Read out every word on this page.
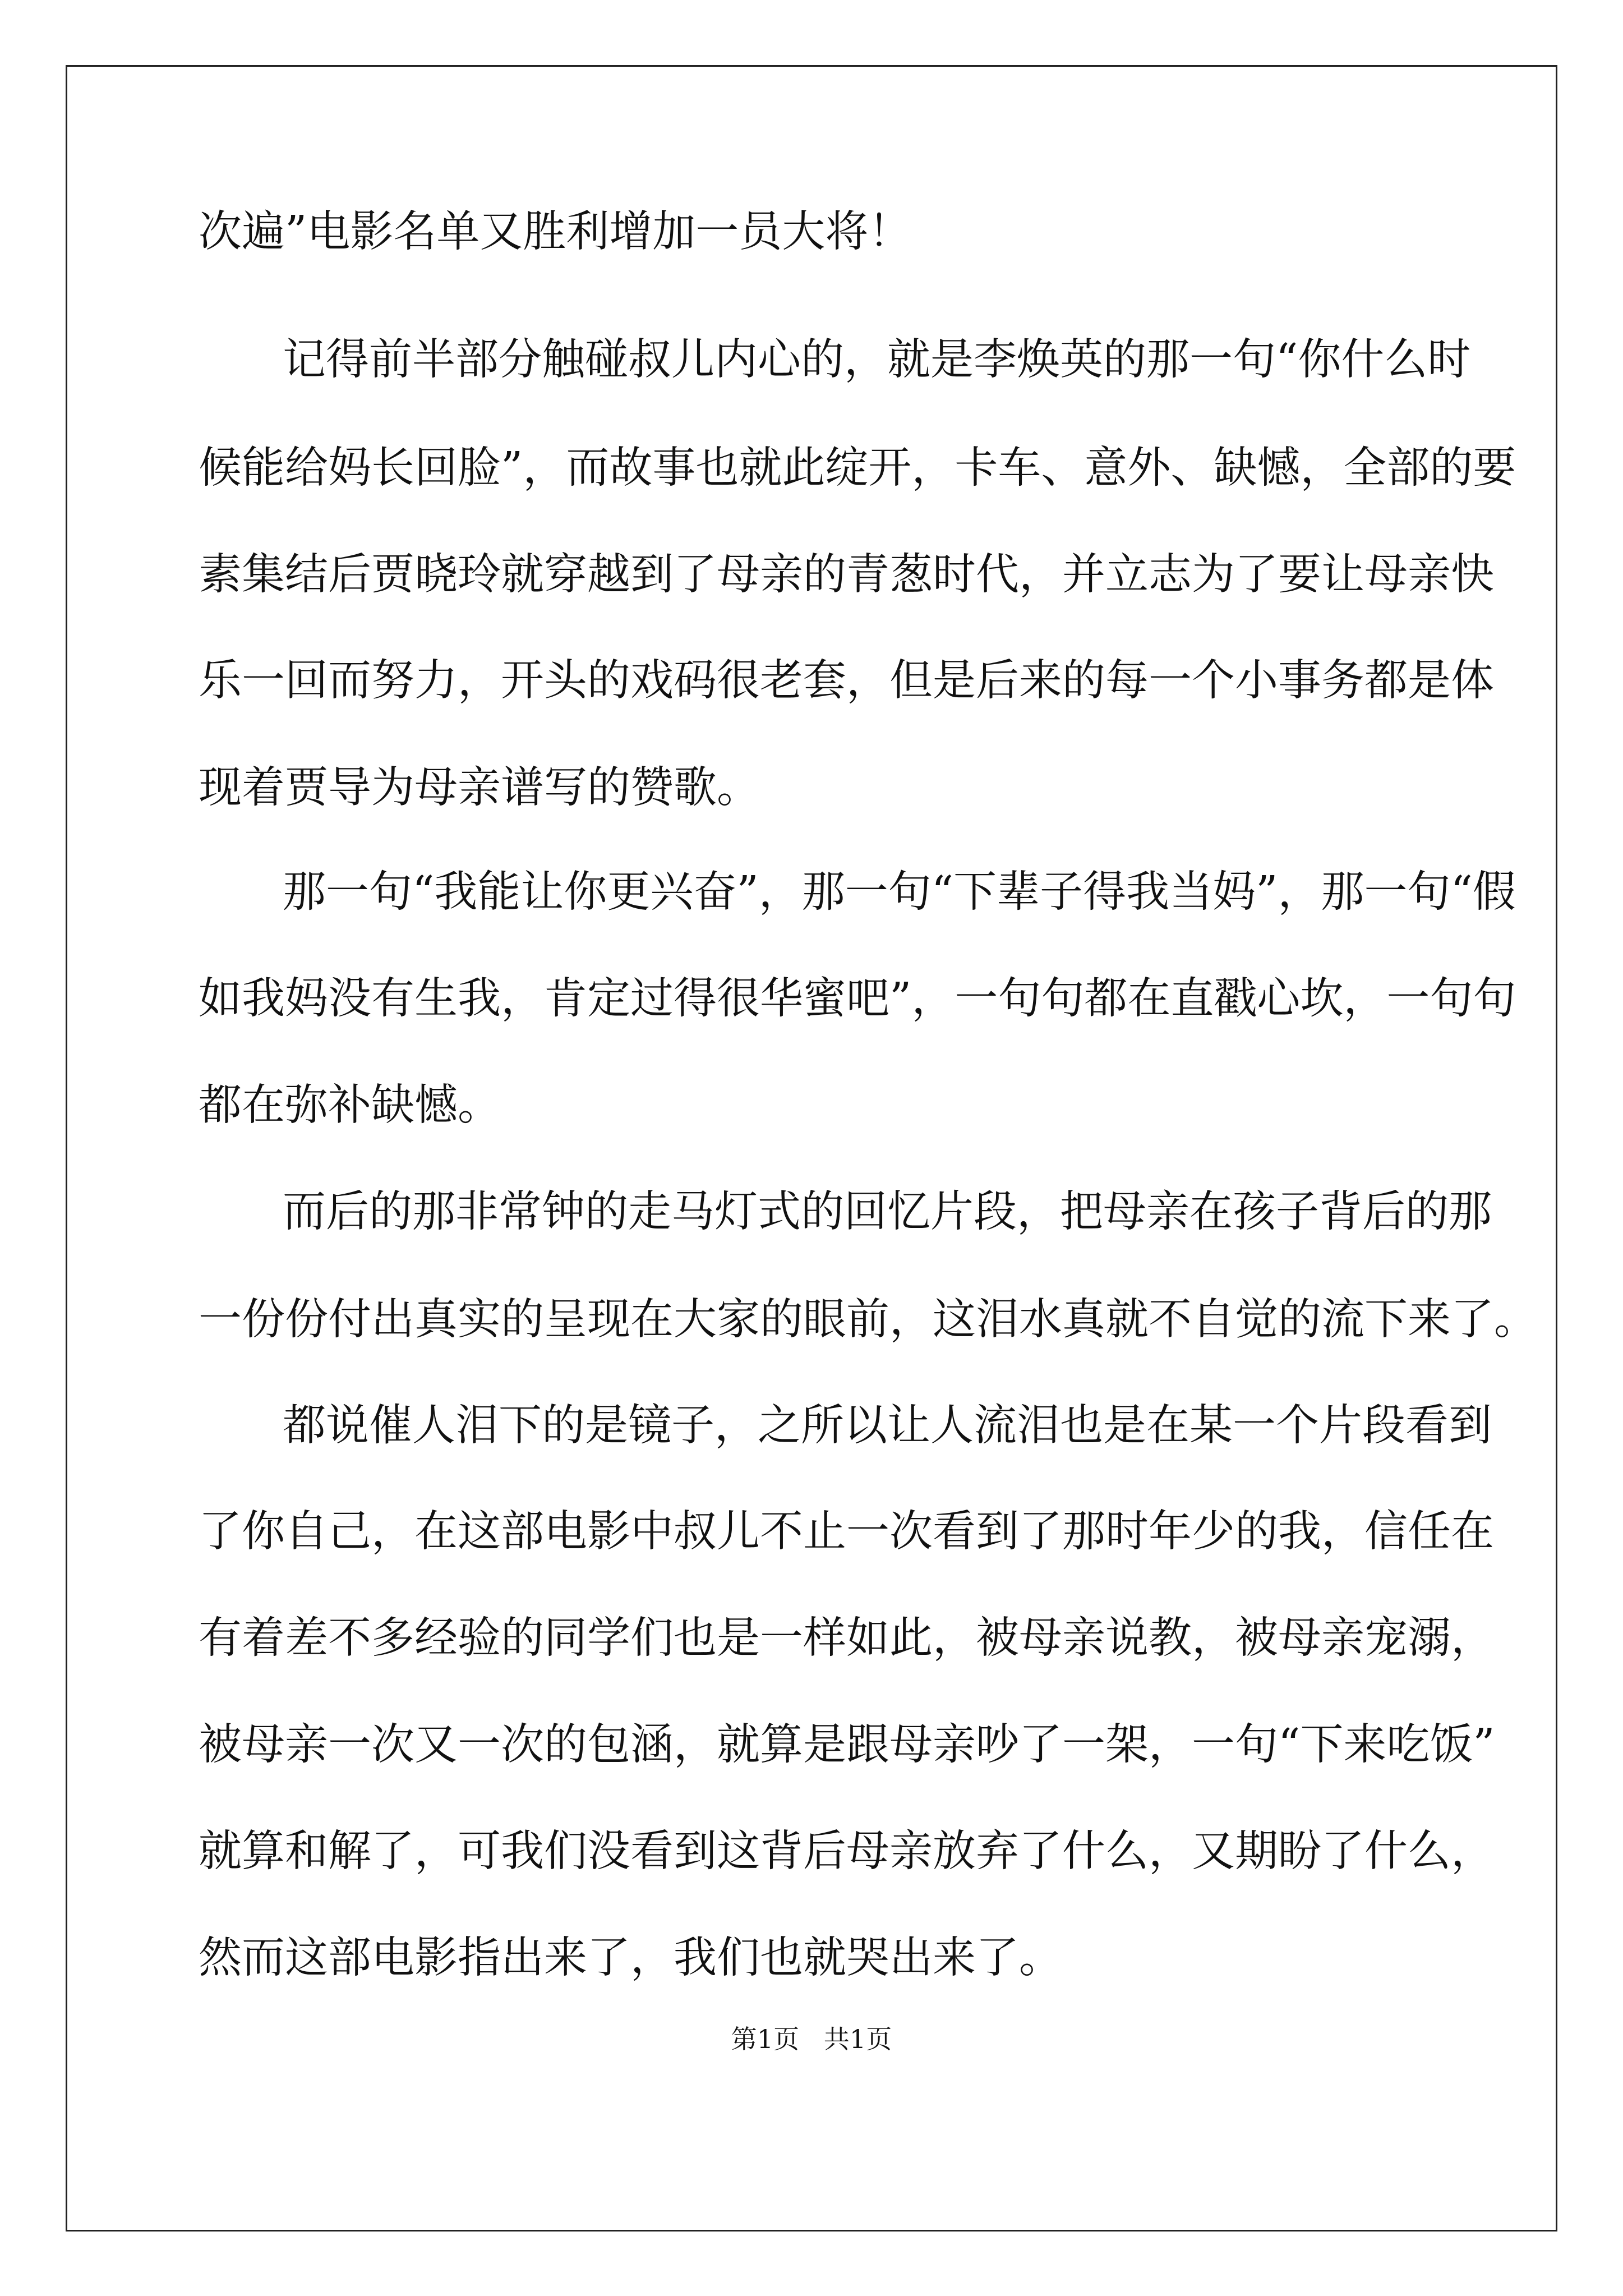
次遍”电影名单又胜利增加一员大将！
记得前半部分触碰叔儿内心的，就是李焕英的那一句“你什么时
候能给妈长回脸”，而故事也就此绽开，卡车、意外、缺憾，全部的要
素集结后贾晓玲就穿越到了母亲的青葱时代，并立志为了要让母亲快
乐一回而努力，开头的戏码很老套，但是后来的每一个小事务都是体
现着贾导为母亲谱写的赞歌。
那一句“我能让你更兴奋”，那一句“下辈子得我当妈”，那一句“假
如我妈没有生我，肯定过得很华蜜吧”，一句句都在直戳心坎，一句句
都在弥补缺憾。
而后的那非常钟的走马灯式的回忆片段，把母亲在孩子背后的那
一份份付出真实的呈现在大家的眼前，这泪水真就不自觉的流下来了。
都说催人泪下的是镜子，之所以让人流泪也是在某一个片段看到
了你自己，在这部电影中叔儿不止一次看到了那时年少的我，信任在
有着差不多经验的同学们也是一样如此，被母亲说教，被母亲宠溺，
被母亲一次又一次的包涵，就算是跟母亲吵了一架，一句“下来吃饭”
就算和解了，可我们没看到这背后母亲放弃了什么，又期盼了什么，
然而这部电影指出来了，我们也就哭出来了。
第1页   共1页
